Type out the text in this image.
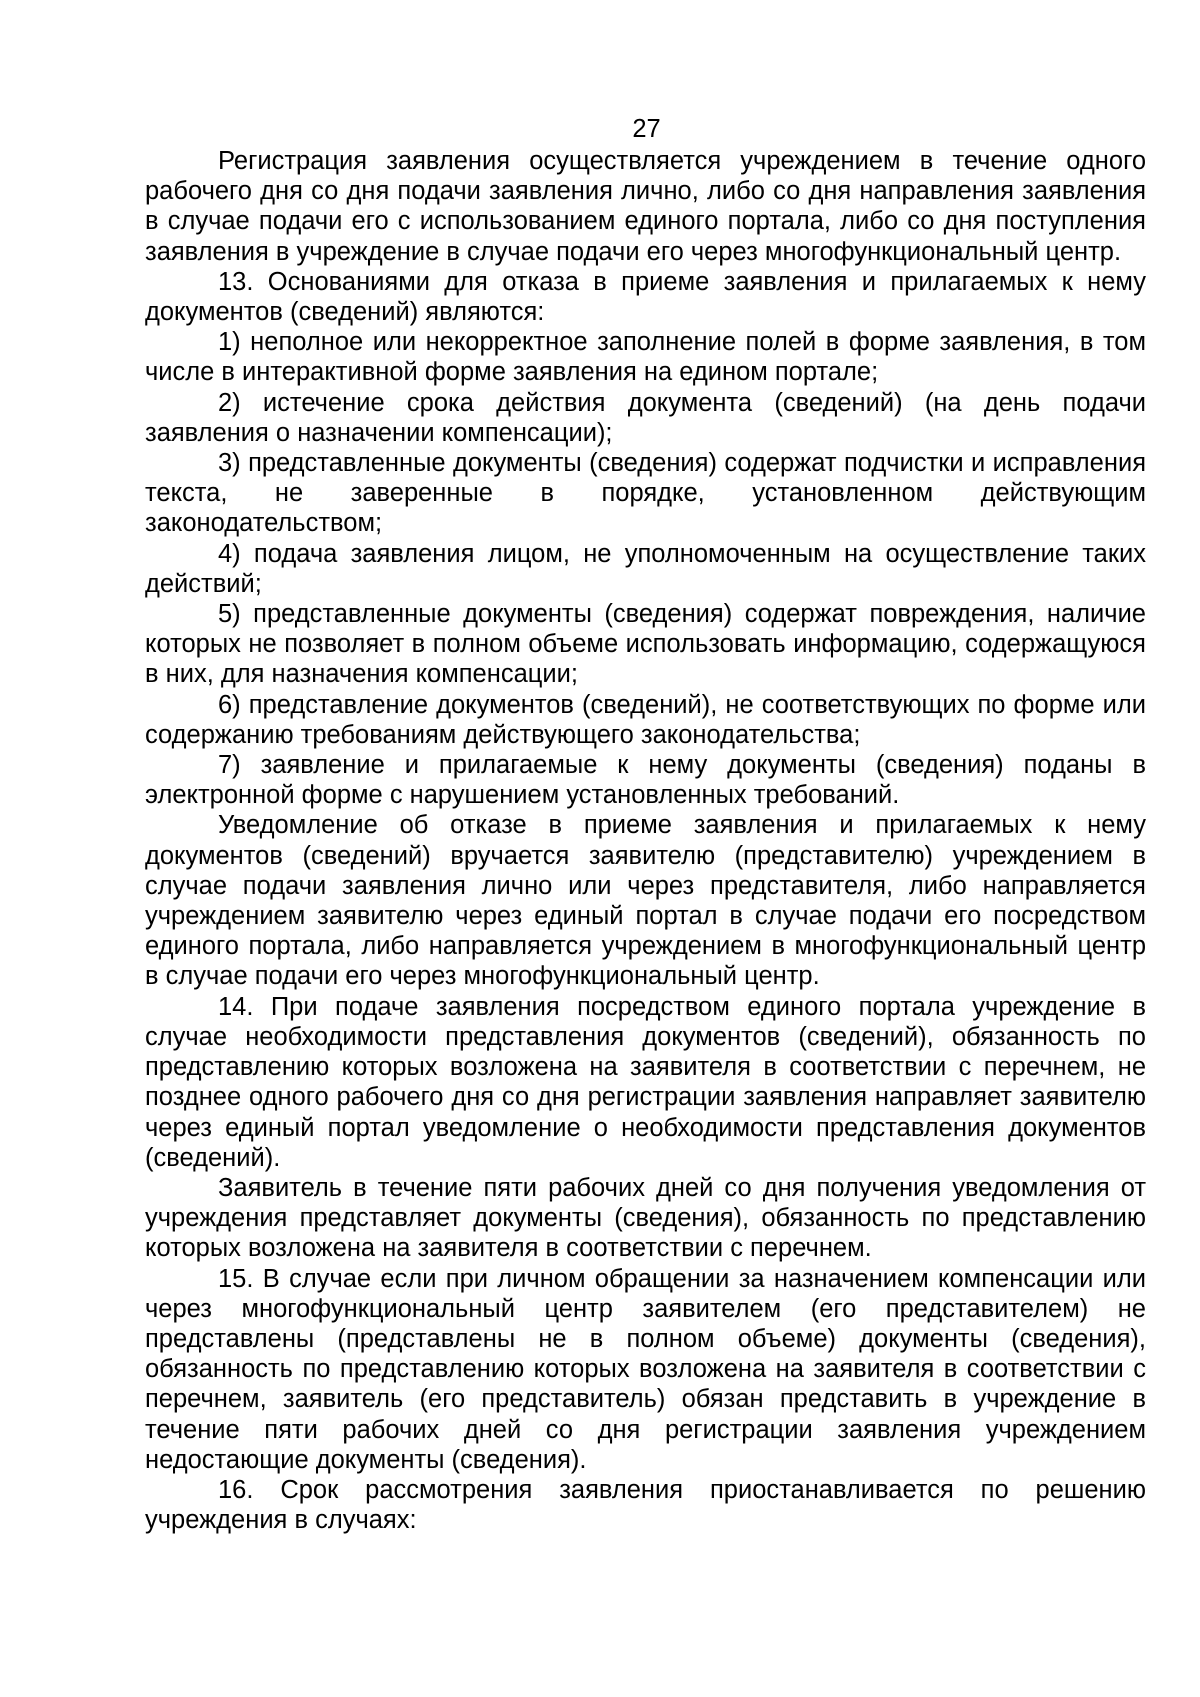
27

Регистрация заявления осуществляется учреждением в течение одного рабочего дня со дня подачи заявления лично, либо со дня направления заявления в случае подачи его с использованием единого портала, либо со дня поступления заявления в учреждение в случае подачи его через многофункциональный центр.

13. Основаниями для отказа в приеме заявления и прилагаемых к нему документов (сведений) являются:

1) неполное или некорректное заполнение полей в форме заявления, в том числе в интерактивной форме заявления на едином портале;

2) истечение срока действия документа (сведений) (на день подачи заявления о назначении компенсации);

3) представленные документы (сведения) содержат подчистки и исправления текста, не заверенные в порядке, установленном действующим законодательством;

4) подача заявления лицом, не уполномоченным на осуществление таких действий;

5) представленные документы (сведения) содержат повреждения, наличие которых не позволяет в полном объеме использовать информацию, содержащуюся в них, для назначения компенсации;

6) представление документов (сведений), не соответствующих по форме или содержанию требованиям действующего законодательства;

7) заявление и прилагаемые к нему документы (сведения) поданы в электронной форме с нарушением установленных требований.

Уведомление об отказе в приеме заявления и прилагаемых к нему документов (сведений) вручается заявителю (представителю) учреждением в случае подачи заявления лично или через представителя, либо направляется учреждением заявителю через единый портал в случае подачи его посредством единого портала, либо направляется учреждением в многофункциональный центр в случае подачи его через многофункциональный центр.

14. При подаче заявления посредством единого портала учреждение в случае необходимости представления документов (сведений), обязанность по представлению которых возложена на заявителя в соответствии с перечнем, не позднее одного рабочего дня со дня регистрации заявления направляет заявителю через единый портал уведомление о необходимости представления документов (сведений).

Заявитель в течение пяти рабочих дней со дня получения уведомления от учреждения представляет документы (сведения), обязанность по представлению которых возложена на заявителя в соответствии с перечнем.

15. В случае если при личном обращении за назначением компенсации или через многофункциональный центр заявителем (его представителем) не представлены (представлены не в полном объеме) документы (сведения), обязанность по представлению которых возложена на заявителя в соответствии с перечнем, заявитель (его представитель) обязан представить в учреждение в течение пяти рабочих дней со дня регистрации заявления учреждением недостающие документы (сведения).

16. Срок рассмотрения заявления приостанавливается по решению учреждения в случаях:
